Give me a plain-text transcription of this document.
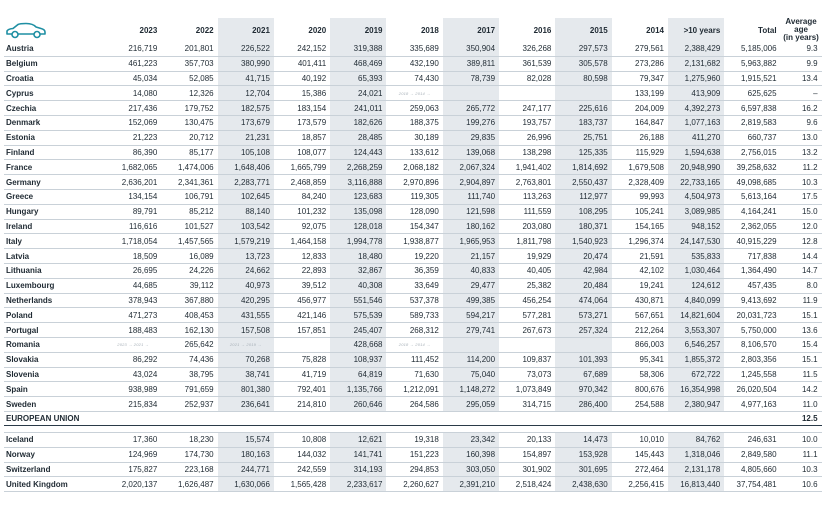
	2023	2022	2021	2020	2019	2018	2017	2016	2015	2014	>10 years	Total	Average age
(in years)
Austria	216,719	201,801	226,522	242,152	319,388	335,689	350,904	326,268	297,573	279,561	2,388,429	5,185,006	9.3
Belgium	461,223	357,703	380,990	401,411	468,469	432,190	389,811	361,539	305,578	273,286	2,131,682	5,963,882	9.9
Croatia	45,034	52,085	41,715	40,192	65,393	74,430	78,739	82,028	80,598	79,347	1,275,960	1,915,521	13.4
Cyprus	14,080	12,326	12,704	15,386	24,021	2018 → 2014 →				133,199	413,909	625,625	–
Czechia	217,436	179,752	182,575	183,154	241,011	259,063	265,772	247,177	225,616	204,009	4,392,273	6,597,838	16.2
Denmark	152,069	130,475	173,679	173,579	182,626	188,375	199,276	193,757	183,737	164,847	1,077,163	2,819,583	9.6
Estonia	21,223	20,712	21,231	18,857	28,485	30,189	29,835	26,996	25,751	26,188	411,270	660,737	13.0
Finland	86,390	85,177	105,108	108,077	124,443	133,612	139,068	138,298	125,335	115,929	1,594,638	2,756,015	13.2
France	1,682,065	1,474,006	1,648,406	1,665,799	2,268,259	2,068,182	2,067,324	1,941,402	1,814,692	1,679,508	20,948,990	39,258,632	11.2
Germany	2,636,201	2,341,361	2,283,771	2,468,859	3,116,888	2,970,896	2,904,897	2,763,801	2,550,437	2,328,409	22,733,165	49,098,685	10.3
Greece	134,154	106,791	102,645	84,240	123,683	119,305	111,740	113,263	112,977	99,993	4,504,973	5,613,164	17.5
Hungary	89,791	85,212	88,140	101,232	135,098	128,090	121,598	111,559	108,295	105,241	3,089,985	4,164,241	15.0
Ireland	116,616	101,527	103,542	92,075	128,018	154,347	180,162	203,080	180,371	154,165	948,152	2,362,055	12.0
Italy	1,718,054	1,457,565	1,579,219	1,464,158	1,994,778	1,938,877	1,965,953	1,811,798	1,540,923	1,296,374	24,147,530	40,915,229	12.8
Latvia	18,509	16,089	13,723	12,833	18,480	19,220	21,157	19,929	20,474	21,591	535,833	717,838	14.4
Lithuania	26,695	24,226	24,662	22,893	32,867	36,359	40,833	40,405	42,984	42,102	1,030,464	1,364,490	14.7
Luxembourg	44,685	39,112	40,973	39,512	40,308	33,649	29,477	25,382	20,484	19,241	124,612	457,435	8.0
Netherlands	378,943	367,880	420,295	456,977	551,546	537,378	499,385	456,254	474,064	430,871	4,840,099	9,413,692	11.9
Poland	471,273	408,453	431,555	421,146	575,539	589,733	594,217	577,281	573,271	567,651	14,821,604	20,031,723	15.1
Portugal	188,483	162,130	157,508	157,851	245,407	268,312	279,741	267,673	257,324	212,264	3,553,307	5,750,000	13.6
Romania	2023 → 2021 →	265,642	2021 → 2019 →		428,668	2018 → 2014 →				866,003	6,546,257	8,106,570	15.4
Slovakia	86,292	74,436	70,268	75,828	108,937	111,452	114,200	109,837	101,393	95,341	1,855,372	2,803,356	15.1
Slovenia	43,024	38,795	38,741	41,719	64,819	71,630	75,040	73,073	67,689	58,306	672,722	1,245,558	11.5
Spain	938,989	791,659	801,380	792,401	1,135,766	1,212,091	1,148,272	1,073,849	970,342	800,676	16,354,998	26,020,504	14.2
Sweden	215,834	252,937	236,641	214,810	260,646	264,586	295,059	314,715	286,400	254,588	2,380,947	4,977,163	11.0
EUROPEAN UNION													12.5

Iceland	17,360	18,230	15,574	10,808	12,621	19,318	23,342	20,133	14,473	10,010	84,762	246,631	10.0
Norway	124,969	174,730	180,163	144,032	141,741	151,223	160,398	154,897	153,928	145,443	1,318,046	2,849,580	11.1
Switzerland	175,827	223,168	244,771	242,559	314,193	294,853	303,050	301,902	301,695	272,464	2,131,178	4,805,660	10.3
United Kingdom	2,020,137	1,626,487	1,630,066	1,565,428	2,233,617	2,260,627	2,391,210	2,518,424	2,438,630	2,256,415	16,813,440	37,754,481	10.6
